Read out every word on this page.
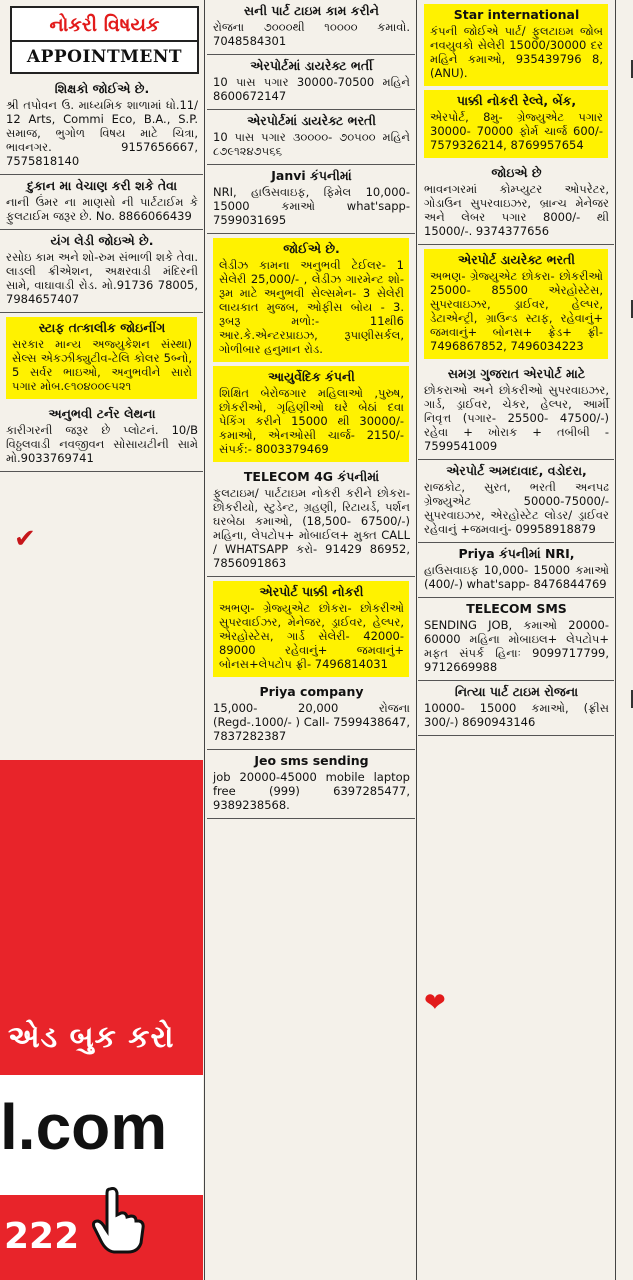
નોકરી વિષયક
APPOINTMENT
શિક્ષકો જોઈએ છે.
શ્રી તપોવન ઉ. માધ્યમિક શાળામાં ધો.11/ 12 Arts, Commi Eco, B.A., S.P. સમાજ, ભુગોળ વિષય માટે ચિત્રા, ભાવનગર. 9157656667, 7575818140
દુકાન મા વેચાણ કરી શકે તેવા
નાની ઉંમર ના માણસો ની પાર્ટટાઈમ કે ફુલટાઈમ જરૂર છે. No. 8866066439
યંગ લેડી જોઇએ છે.
રસોઇ કામ અને શો-રુમ સંભાળી શકે તેવા. લાડલી ક્રીએશન, અક્ષરવાડી મંદિરની સામે, વાઘાવાડી રોડ. મો.91736 78005, 7984657407
સ્ટાફ તત્કાલીક જોઇનીંગ
સરકાર માન્ય અજ્યુકેશન સંસ્થા) સેલ્સ એકઝીક્યુટીવ-ટેલિ કોલર 5બ્નો, 5 સર્વર ભાઇઓ, અનુભવીને સારો પગાર મોબ.૯૧૦૪૦૦૯૫૨૧
અનુભવી ટર્નર લેથના
કારીગરની જરૂર છે પ્લોટનં. 10/B વિઠ્ઠલવાડી નવજીવન સોસાયટીની સામે મો.9033769741
એડ બુક કરો
l.com
222
✔
સની પાર્ટ ટાઇમ કામ કરીને
રોજના ૭૦૦૦થી ૧૦૦૦૦ કમાવો. 7048584301
એરપોર્ટમાં ડાયરેક્ટ ભર્તી
10 પાસ પગાર 30000-70500 મહિને 8600672147
એરપોર્ટમાં ડાયરેક્ટ ભરતી
10 પાસ પગાર ૩૦૦૦૦- ૭૦૫૦૦ મહિને ૮૭૯૧૨૪૭૫૬૬
Janvi કંપનીમાં
NRI, હાઉસવાઇફ, ફિમેલ 10,000- 15000 કમાઓ what'sapp- 7599031695
જોઈએ છે.
લેડીઝ કામના અનુભવી ટેઈલર- 1 સેલેરી 25,000/- , લેડીઝ ગારમેન્ટ શો-રૂમ માટે અનુભવી સેલ્સમેન- 3 સેલેરી લાયકાત મુજબ, ઓફીસ બોય - 3. રૂબરૂ મળો:- 11થી6 આર.કે.એન્ટરપ્રાઇઝ, રૂપાણીસર્કલ, ગોળીબાર હનુમાન રોડ.
આયુર્વેદિક કંપની
શિક્ષિત બેરોજગાર મહિલાઓ ,પુરુષ, છોકરીઓ, ગૃહિણીઓ ઘરે બેઠાં દવા પેકિંગ કરીને 15000 થી 30000/- કમાઓ, એનઓસી ચાર્જ- 2150/- સંપર્ક:- 8003379469
TELECOM 4G કંપનીમાં
ફુલટાઇમ/ પાર્ટટાઇમ નોકરી કરીને છોકરા- છોકરીયો, સ્ટુડેન્ટ, ગ્રહણી, રિટાયર્ડ, પર્શન ઘરબેઠા કમાઓ, (18,500- 67500/-) મહિના, લેપટોપ+ મોબાઈલ+ મુક્ત CALL / WHATSAPP કરો- 91429 86952, 7856091863
એરપોર્ટ પાક્કી નોકરી
અભણ- ગ્રેજ્યુએટ છોકરા- છોકરીઓ સુપરવાઈઝર, મેનેજર, ડ્રાઈવર, હેલ્પર, એરહોસ્ટેસ, ગાર્ડ સેલેરી- 42000- 89000 રહેવાનું+ જમવાનું+ બોનસ+લેપટોપ ફ્રી- 7496814031
Priya company
15,000- 20,000 રોજના (Regd-.1000/- ) Call- 7599438647, 7837282387
Jeo sms sending
job 20000-45000 mobile laptop free (999) 6397285477, 9389238568.
Star international
કંપની જોઈએ પાર્ટ/ ફુલટાઇમ જોબ નવયુવકો સેલેરી 15000/30000 દર મહિને કમાઓ, 935439796 8,(ANU).
પાક્કી નોકરી રેલ્વે, બેંક,
એરપોર્ટ, 8મુ- ગ્રેજ્યુએટ પગાર 30000- 70000 ફોર્મ ચાર્જ 600/- 7579326214, 8769957654
જોઇએ છે
ભાવનગરમાં કોમ્પ્યુટર ઓપરેટર, ગોડાઉન સુપરવાઇઝર, બ્રાન્ચ મેનેજર અને લેબર પગાર 8000/- થી 15000/-. 9374377656
એરપોર્ટ ડાયરેક્ટ ભરતી
અભણ- ગ્રેજ્યુએટ છોકરા- છોકરીઓ 25000- 85500 એરહોસ્ટેસ, સુપરવાઇઝર, ડ્રાઈવર, હેલ્પર, ડેટાએન્ટ્રી, ગ્રાઉન્ડ સ્ટાફ, રહેવાનું+ જમવાનું+ બોનસ+ ફ્રેડ+ ફ્રી- 7496867852, 7496034223
સમગ્ર ગુજરાત એરપોર્ટ માટે
છોકરાઓ અને છોકરીઓ સુપરવાઇઝર, ગાર્ડ, ડ્રાઈવર, ચેકર, હેલ્પર, આર્મી નિવૃત્ત (પગાર- 25500- 47500/-) રહેવા + ખોરાક + તબીબી - 7599541009
એરપોર્ટ અમદાવાદ, વડોદરા,
રાજકોટ, સુરત, ભરતી અનપઢ ગ્રેજ્યુએટ 50000-75000/- સુપરવાઇઝર, એરહોસ્ટેટ લોડર/ ડ્રાઈવર રહેવાનું +જમવાનું- 09958918879
Priya કંપનીમાં NRI,
હાઉસવાઇફ 10,000- 15000 કમાઓ (400/-) what'sapp- 8476844769
TELECOM SMS
SENDING JOB, કમાઓ 20000-60000 મહિના મોબાઇલ+ લેપટોપ+ મફત સંપર્ક હિનાઃ 9099717799, 9712669988
નિત્યા પાર્ટ ટાઇમ રોજના
10000- 15000 કમાઓ, (ફ્રીસ 300/-) 8690943146
❤
